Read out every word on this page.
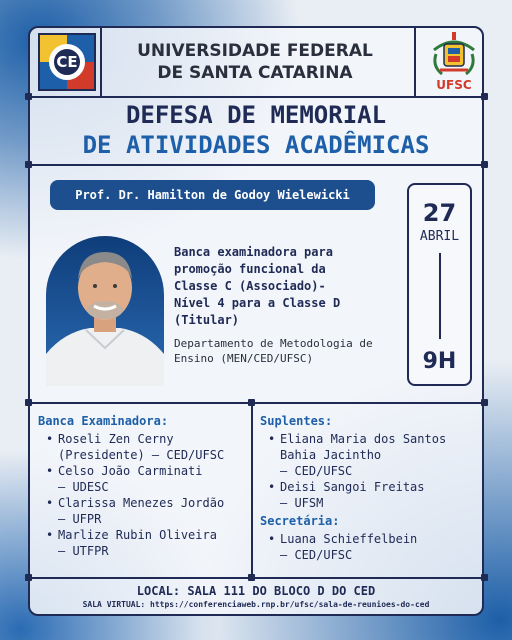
CE
UNIVERSIDADE FEDERAL
DE SANTA CATARINA
UFSC
DEFESA DE MEMORIAL
DE ATIVIDADES ACADÊMICAS
Prof. Dr. Hamilton de Godoy Wielewicki
27
ABRIL
9H
Banca examinadora para
promoção funcional da
Classe C (Associado)-
Nível 4 para a Classe D
(Titular)
Departamento de Metodologia de
Ensino (MEN/CED/UFSC)
Banca Examinadora:
• Roseli Zen Cerny
(Presidente) – CED/UFSC
• Celso João Carminati
– UDESC
• Clarissa Menezes Jordão
– UFPR
• Marlize Rubin Oliveira
– UTFPR
Suplentes:
• Eliana Maria dos Santos
Bahia Jacintho
– CED/UFSC
• Deisi Sangoi Freitas
– UFSM
Secretária:
• Luana Schieffelbein
– CED/UFSC
LOCAL: SALA 111 DO BLOCO D DO CED
SALA VIRTUAL: https://conferenciaweb.rnp.br/ufsc/sala-de-reunioes-do-ced
